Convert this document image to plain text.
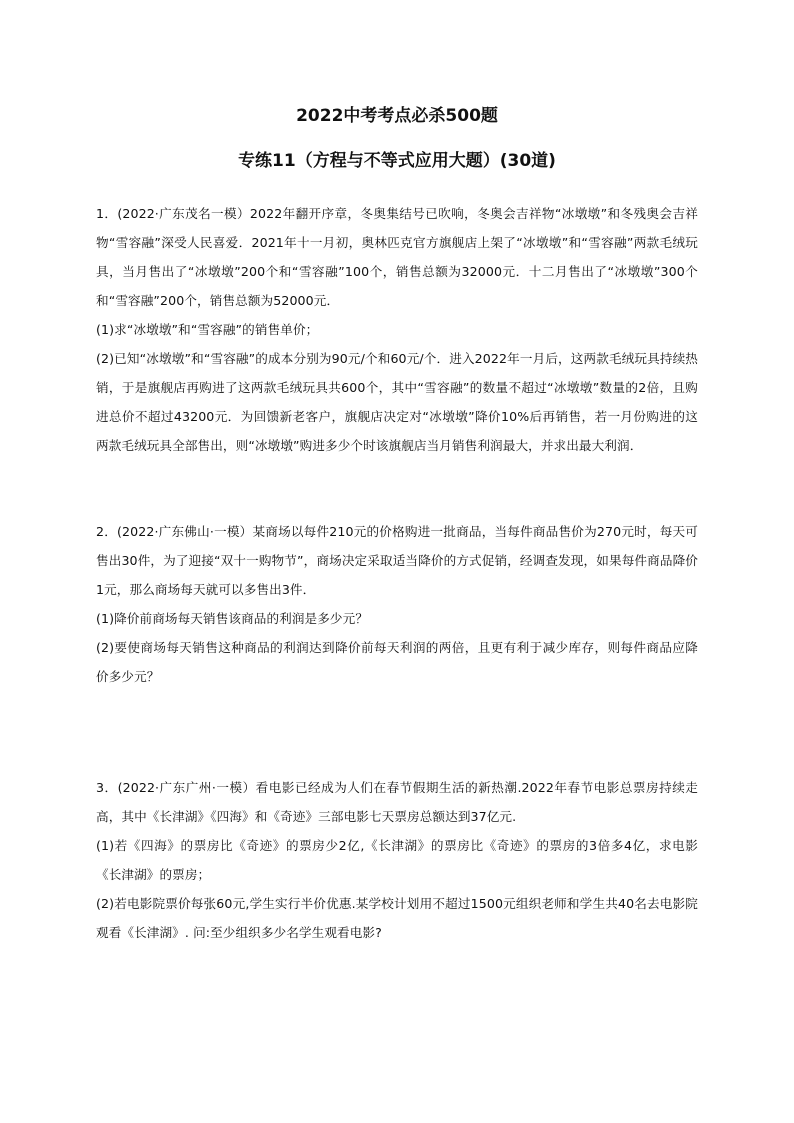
2022中考考点必杀500题
专练11（方程与不等式应用大题）(30道)

1．(2022·广东茂名一模）2022年翻开序章，冬奥集结号已吹响，冬奥会吉祥物“冰墩墩”和冬残奥会吉祥物“雪容融”深受人民喜爱．2021年十一月初，奥林匹克官方旗舰店上架了“冰墩墩”和“雪容融”两款毛绒玩具，当月售出了“冰墩墩”200个和“雪容融”100个，销售总额为32000元．十二月售出了“冰墩墩”300个和“雪容融”200个，销售总额为52000元．

(1)求“冰墩墩”和“雪容融”的销售单价；

(2)已知“冰墩墩”和“雪容融”的成本分别为90元/个和60元/个．进入2022年一月后，这两款毛绒玩具持续热销，于是旗舰店再购进了这两款毛绒玩具共600个，其中“雪容融”的数量不超过“冰墩墩”数量的2倍，且购进总价不超过43200元．为回馈新老客户，旗舰店决定对“冰墩墩”降价10%后再销售，若一月份购进的这两款毛绒玩具全部售出，则“冰墩墩”购进多少个时该旗舰店当月销售利润最大，并求出最大利润．

2．(2022·广东佛山·一模）某商场以每件210元的价格购进一批商品，当每件商品售价为270元时，每天可售出30件，为了迎接“双十一购物节”，商场决定采取适当降价的方式促销，经调查发现，如果每件商品降价1元，那么商场每天就可以多售出3件．

(1)降价前商场每天销售该商品的利润是多少元？

(2)要使商场每天销售这种商品的利润达到降价前每天利润的两倍，且更有利于减少库存，则每件商品应降价多少元？

3．(2022·广东广州·一模）看电影已经成为人们在春节假期生活的新热潮.2022年春节电影总票房持续走高，其中《长津湖》《四海》和《奇迹》三部电影七天票房总额达到37亿元.

(1)若《四海》的票房比《奇迹》的票房少2亿,《长津湖》的票房比《奇迹》的票房的3倍多4亿，求电影《长津湖》的票房；

(2)若电影院票价每张60元,学生实行半价优惠.某学校计划用不超过1500元组织老师和学生共40名去电影院观看《长津湖》. 问:至少组织多少名学生观看电影?
